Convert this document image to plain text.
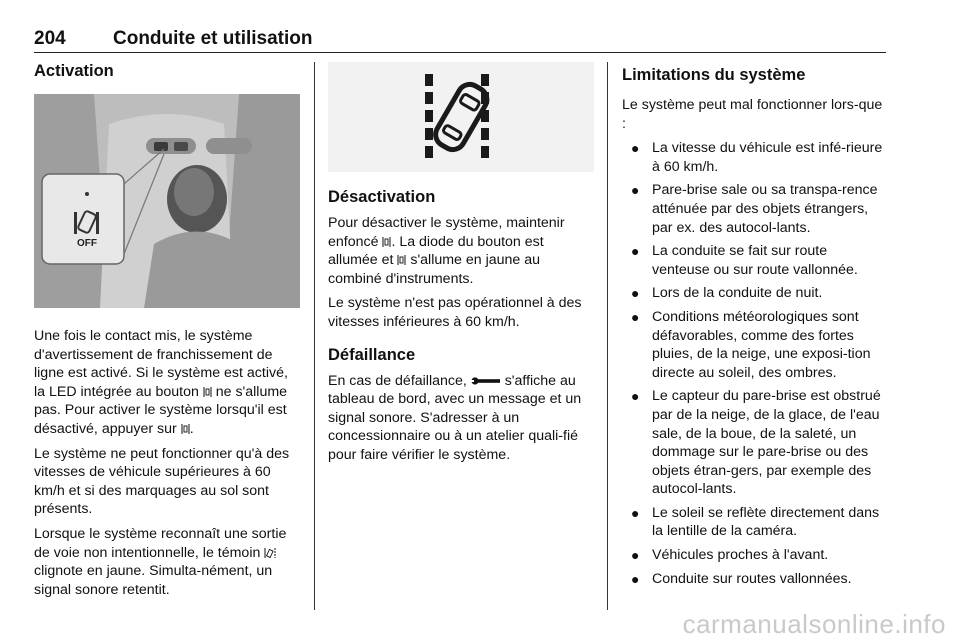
204 Conduite et utilisation
Activation
OFF

Une fois le contact mis, le système d'avertissement de franchissement de ligne est activé. Si le système est activé, la LED intégrée au bouton  ne s'allume pas. Pour activer le système lorsqu'il est désactivé, appuyer sur .

Le système ne peut fonctionner qu'à des vitesses de véhicule supérieures à 60 km/h et si des marquages au sol sont présents.

Lorsque le système reconnaît une sortie de voie non intentionnelle, le témoin  clignote en jaune. Simulta-nément, un signal sonore retentit.

Désactivation

Pour désactiver le système, maintenir enfoncé . La diode du bouton est allumée et  s'allume en jaune au combiné d'instruments.

Le système n'est pas opérationnel à des vitesses inférieures à 60 km/h.

Défaillance

En cas de défaillance,  s'affiche au tableau de bord, avec un message et un signal sonore. S'adresser à un concessionnaire ou à un atelier quali-fié pour faire vérifier le système.

Limitations du système

Le système peut mal fonctionner lors-que :

● La vitesse du véhicule est infé-rieure à 60 km/h.
● Pare-brise sale ou sa transpa-rence atténuée par des objets étrangers, par ex. des autocol-lants.
● La conduite se fait sur route venteuse ou sur route vallonnée.
● Lors de la conduite de nuit.
● Conditions météorologiques sont défavorables, comme des fortes pluies, de la neige, une exposi-tion directe au soleil, des ombres.
● Le capteur du pare-brise est obstrué par de la neige, de la glace, de l'eau sale, de la boue, de la saleté, un dommage sur le pare-brise ou des objets étran-gers, par exemple des autocol-lants.
● Le soleil se reflète directement dans la lentille de la caméra.
● Véhicules proches à l'avant.
● Conduite sur routes vallonnées.
carmanualsonline.info
